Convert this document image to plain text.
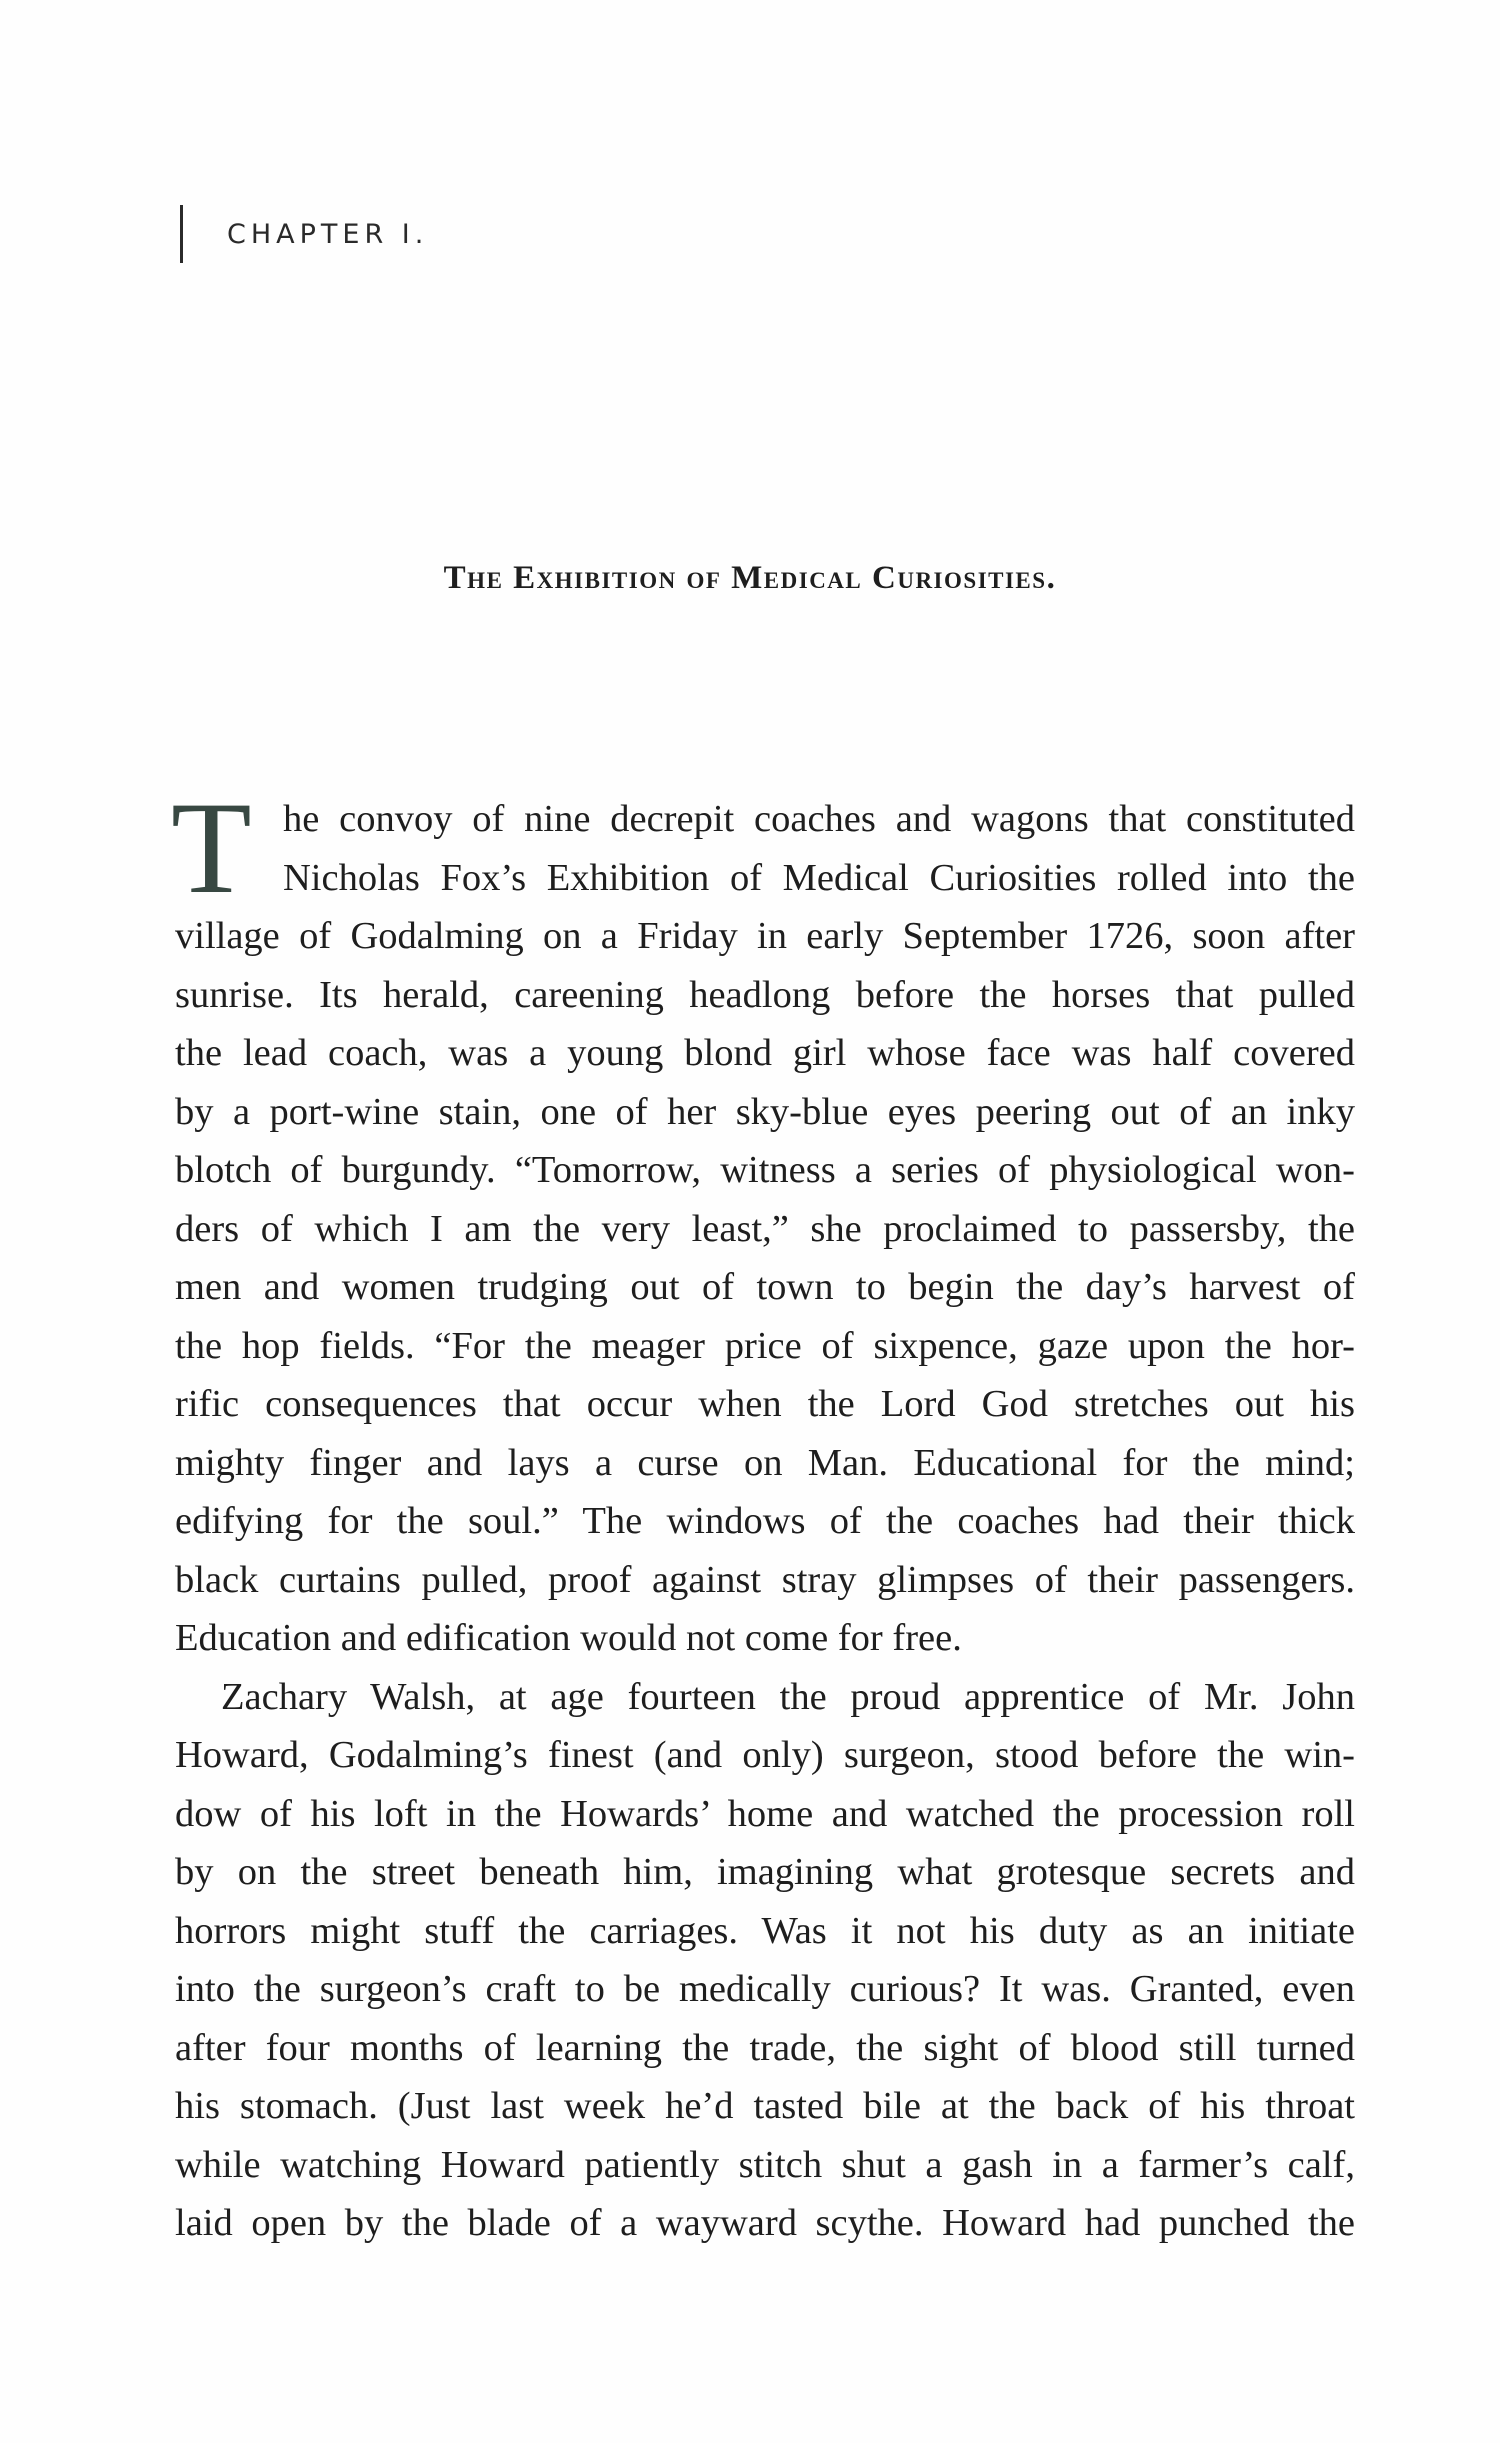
CHAPTER I.
The Exhibition of Medical Curiosities.
T he convoy of nine decrepit coaches and wagons that constituted
Nicholas Fox’s Exhibition of Medical Curiosities rolled into the
village of Godalming on a Friday in early September 1726, soon after
sunrise. Its herald, careening headlong before the horses that pulled
the lead coach, was a young blond girl whose face was half covered
by a port-wine stain, one of her sky-blue eyes peering out of an inky
blotch of burgundy. “Tomorrow, witness a series of physiological won-
ders of which I am the very least,” she proclaimed to passersby, the
men and women trudging out of town to begin the day’s harvest of
the hop fields. “For the meager price of sixpence, gaze upon the hor-
rific consequences that occur when the Lord God stretches out his
mighty finger and lays a curse on Man. Educational for the mind;
edifying for the soul.” The windows of the coaches had their thick
black curtains pulled, proof against stray glimpses of their passengers.
Education and edification would not come for free.
Zachary Walsh, at age fourteen the proud apprentice of Mr. John
Howard, Godalming’s finest (and only) surgeon, stood before the win-
dow of his loft in the Howards’ home and watched the procession roll
by on the street beneath him, imagining what grotesque secrets and
horrors might stuff the carriages. Was it not his duty as an initiate
into the surgeon’s craft to be medically curious? It was. Granted, even
after four months of learning the trade, the sight of blood still turned
his stomach. (Just last week he’d tasted bile at the back of his throat
while watching Howard patiently stitch shut a gash in a farmer’s calf,
laid open by the blade of a wayward scythe. Howard had punched the
